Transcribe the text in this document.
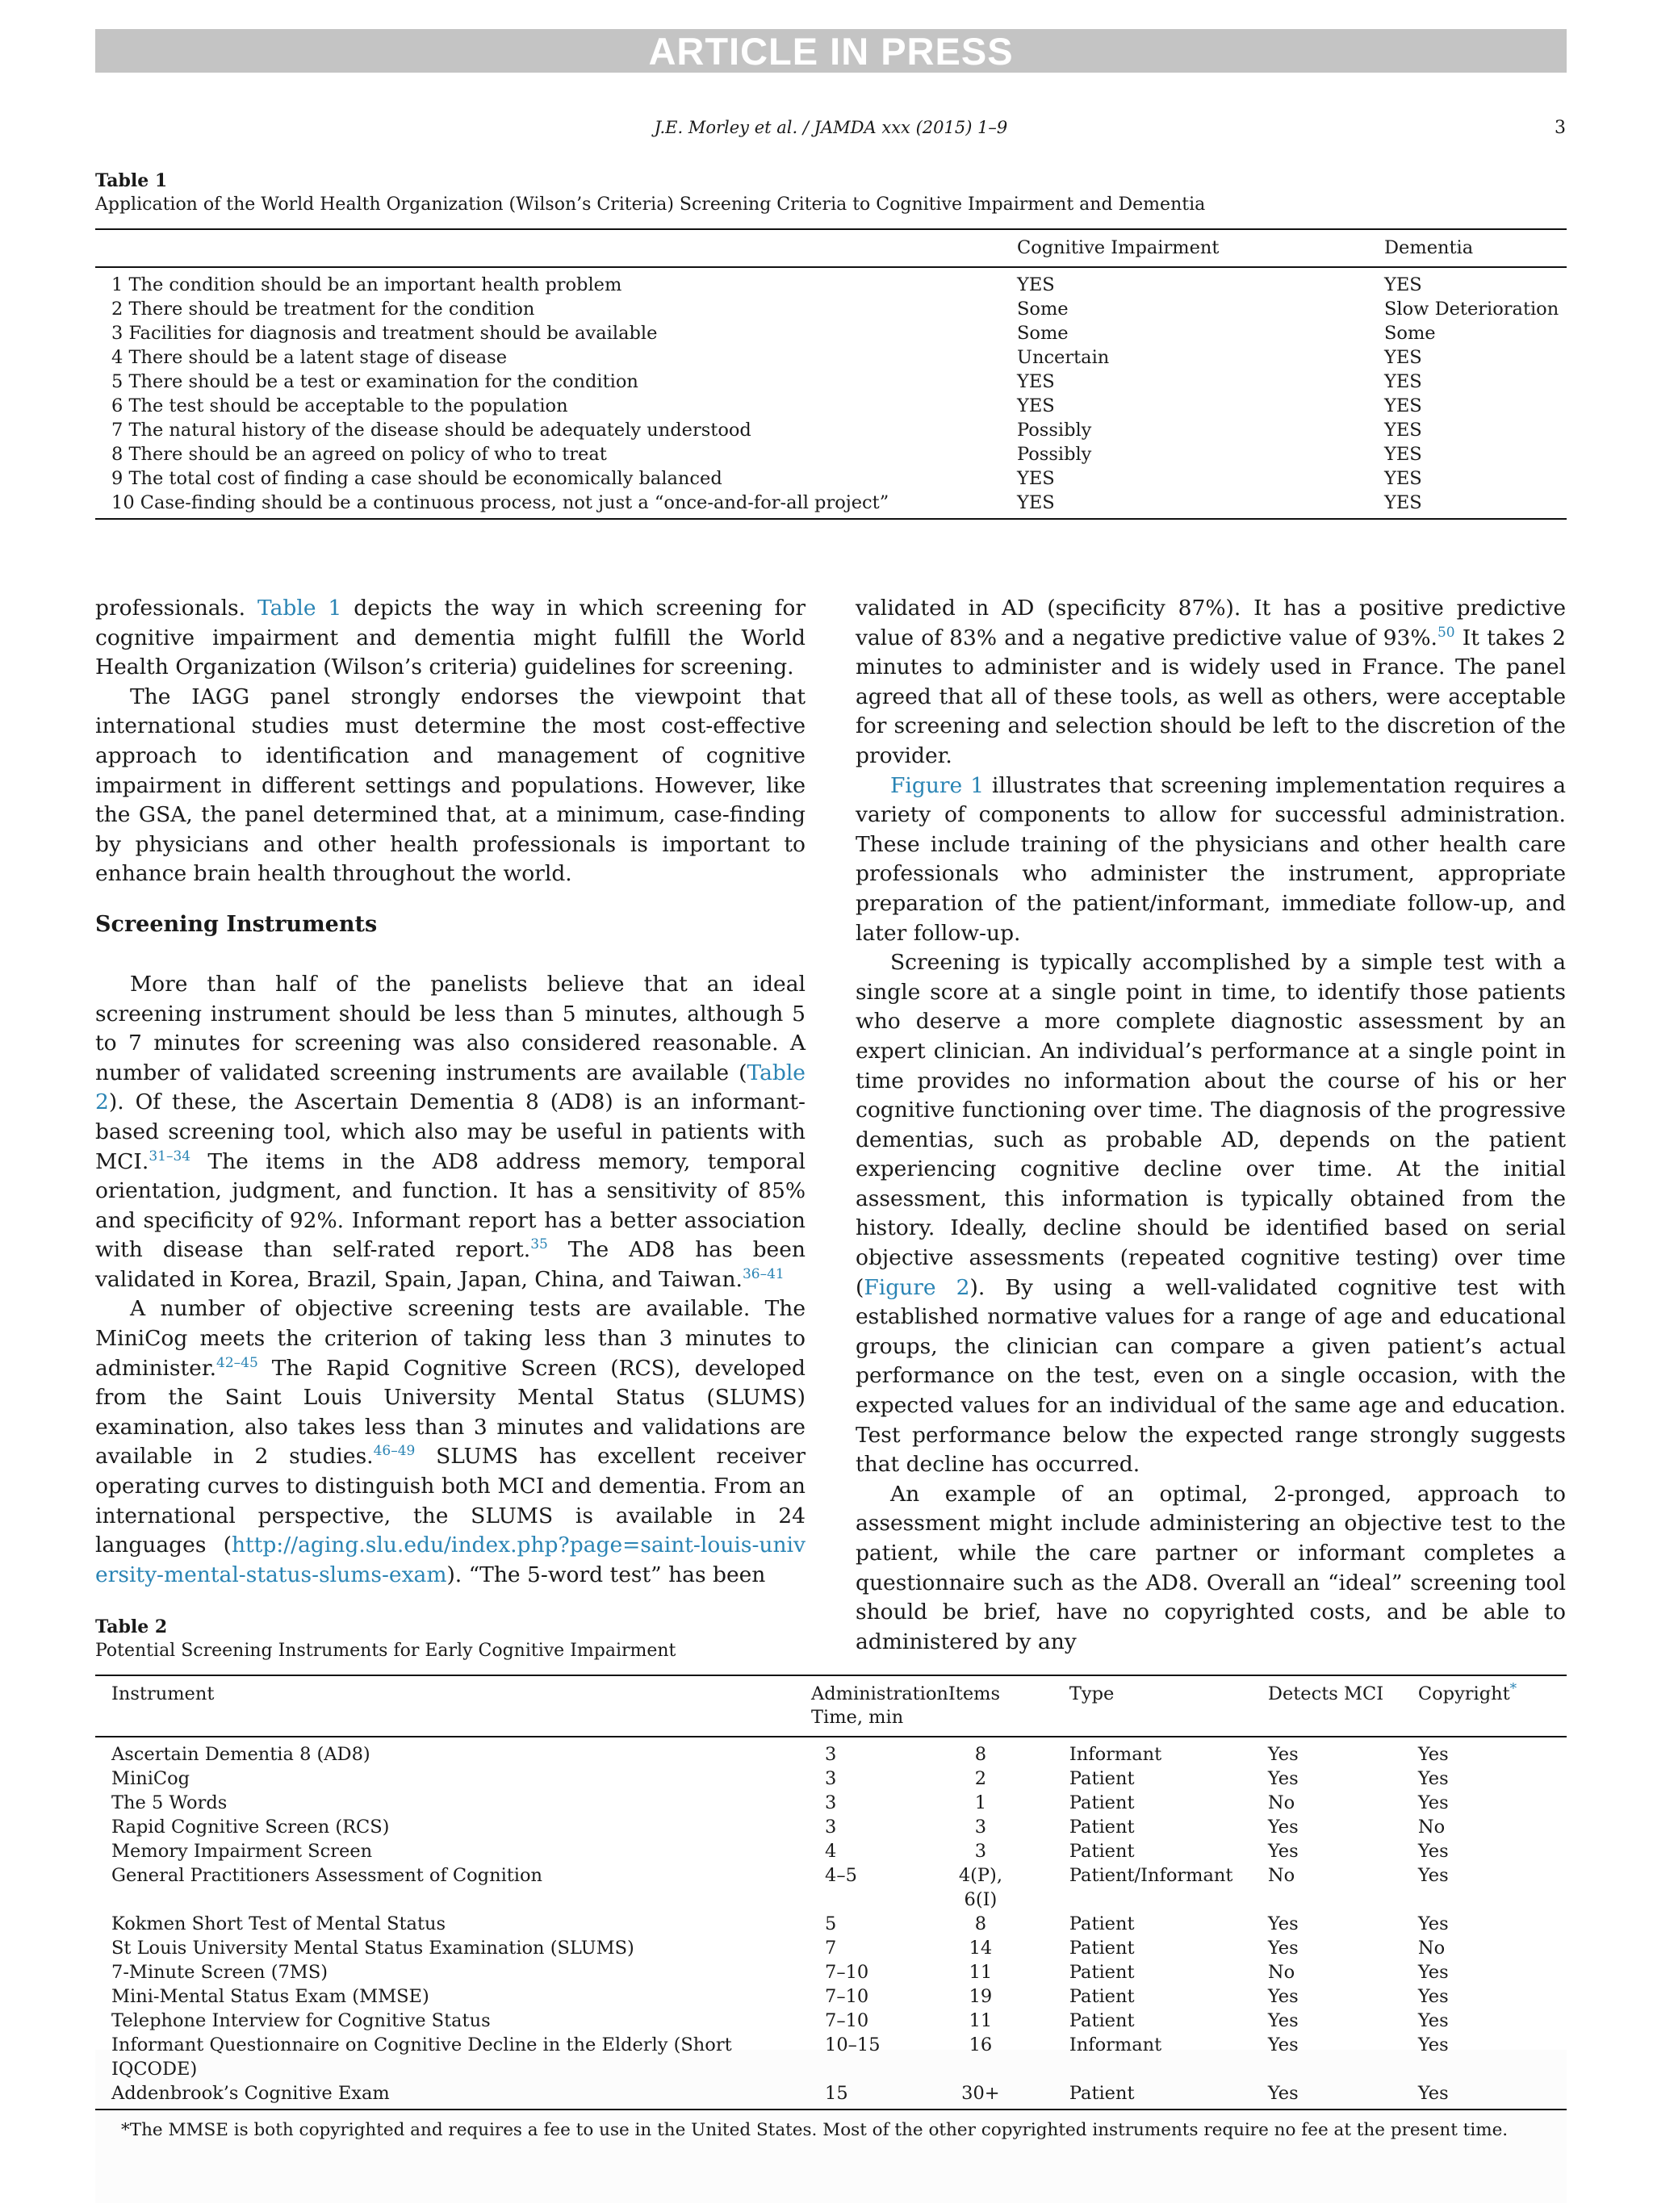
ARTICLE IN PRESS
J.E. Morley et al. / JAMDA xxx (2015) 1–9	3

Table 1

Application of the World Health Organization (Wilson’s Criteria) Screening Criteria to Cognitive Impairment and Dementia

	Cognitive Impairment	Dementia
1 The condition should be an important health problem	YES	YES
2 There should be treatment for the condition	Some	Slow Deterioration
3 Facilities for diagnosis and treatment should be available	Some	Some
4 There should be a latent stage of disease	Uncertain	YES
5 There should be a test or examination for the condition	YES	YES
6 The test should be acceptable to the population	YES	YES
7 The natural history of the disease should be adequately understood	Possibly	YES
8 There should be an agreed on policy of who to treat	Possibly	YES
9 The total cost of finding a case should be economically balanced	YES	YES
10 Case-finding should be a continuous process, not just a “once-and-for-all project”	YES	YES

professionals. Table 1 depicts the way in which screening for cognitive impairment and dementia might fulfill the World Health Organization (Wilson’s criteria) guidelines for screening.

The IAGG panel strongly endorses the viewpoint that international studies must determine the most cost-effective approach to identification and management of cognitive impairment in different settings and populations. However, like the GSA, the panel determined that, at a minimum, case-finding by physicians and other health professionals is important to enhance brain health throughout the world.

Screening Instruments

More than half of the panelists believe that an ideal screening instrument should be less than 5 minutes, although 5 to 7 minutes for screening was also considered reasonable. A number of validated screening instruments are available (Table 2). Of these, the Ascertain Dementia 8 (AD8) is an informant-based screening tool, which also may be useful in patients with MCI.$^{31-34}$ The items in the AD8 address memory, temporal orientation, judgment, and function. It has a sensitivity of 85% and specificity of 92%. Informant report has a better association with disease than self-rated report.$^{35}$ The AD8 has been validated in Korea, Brazil, Spain, Japan, China, and Taiwan.$^{36-41}$

A number of objective screening tests are available. The MiniCog meets the criterion of taking less than 3 minutes to administer.$^{42-45}$ The Rapid Cognitive Screen (RCS), developed from the Saint Louis University Mental Status (SLUMS) examination, also takes less than 3 minutes and validations are available in 2 studies.$^{46-49}$ SLUMS has excellent receiver operating curves to distinguish both MCI and dementia. From an international perspective, the SLUMS is available in 24 languages (http://aging.slu.edu/index.php?page=saint-louis-university-mental-status-slums-exam). “The 5-word test” has been

validated in AD (specificity 87%). It has a positive predictive value of 83% and a negative predictive value of 93%.$^{50}$ It takes 2 minutes to administer and is widely used in France. The panel agreed that all of these tools, as well as others, were acceptable for screening and selection should be left to the discretion of the provider.

Figure 1 illustrates that screening implementation requires a variety of components to allow for successful administration. These include training of the physicians and other health care professionals who administer the instrument, appropriate preparation of the patient/informant, immediate follow-up, and later follow-up.

Screening is typically accomplished by a simple test with a single score at a single point in time, to identify those patients who deserve a more complete diagnostic assessment by an expert clinician. An individual’s performance at a single point in time provides no information about the course of his or her cognitive functioning over time. The diagnosis of the progressive dementias, such as probable AD, depends on the patient experiencing cognitive decline over time. At the initial assessment, this information is typically obtained from the history. Ideally, decline should be identified based on serial objective assessments (repeated cognitive testing) over time (Figure 2). By using a well-validated cognitive test with established normative values for a range of age and educational groups, the clinician can compare a given patient’s actual performance on the test, even on a single occasion, with the expected values for an individual of the same age and education. Test performance below the expected range strongly suggests that decline has occurred.

An example of an optimal, 2-pronged, approach to assessment might include administering an objective test to the patient, while the care partner or informant completes a questionnaire such as the AD8. Overall an “ideal” screening tool should be brief, have no copyrighted costs, and be able to administered by any

Table 2

Potential Screening Instruments for Early Cognitive Impairment

Instrument	Administration Time, min	Items	Type	Detects MCI	Copyright*
Ascertain Dementia 8 (AD8)	3	8	Informant	Yes	Yes
MiniCog	3	2	Patient	Yes	Yes
The 5 Words	3	1	Patient	No	Yes
Rapid Cognitive Screen (RCS)	3	3	Patient	Yes	No
Memory Impairment Screen	4	3	Patient	Yes	Yes
General Practitioners Assessment of Cognition	4–5	4(P), 6(I)	Patient/Informant	No	Yes
Kokmen Short Test of Mental Status	5	8	Patient	Yes	Yes
St Louis University Mental Status Examination (SLUMS)	7	14	Patient	Yes	No
7-Minute Screen (7MS)	7–10	11	Patient	No	Yes
Mini-Mental Status Exam (MMSE)	7–10	19	Patient	Yes	Yes
Telephone Interview for Cognitive Status	7–10	11	Patient	Yes	Yes
Informant Questionnaire on Cognitive Decline in the Elderly (Short IQCODE)	10–15	16	Informant	Yes	Yes
Addenbrook’s Cognitive Exam	15	30+	Patient	Yes	Yes

*The MMSE is both copyrighted and requires a fee to use in the United States. Most of the other copyrighted instruments require no fee at the present time.
